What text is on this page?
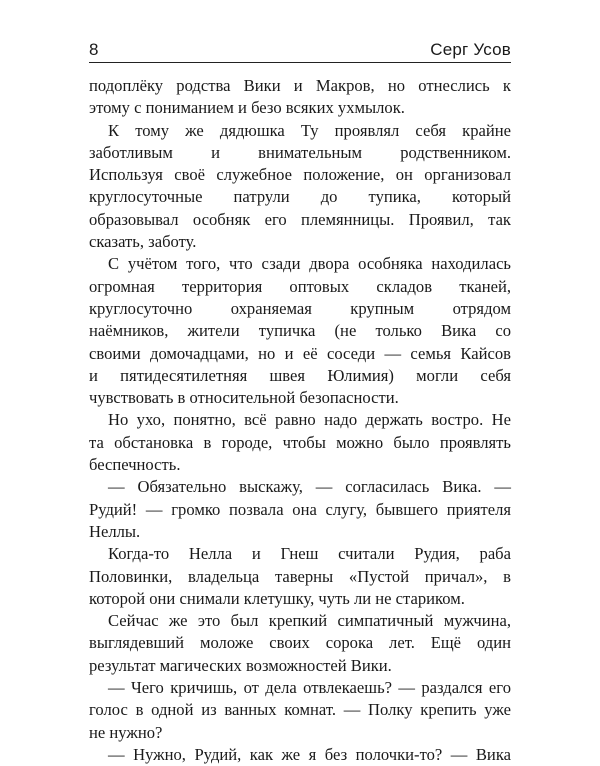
8	Серг Усов
подоплёку родства Вики и Макров, но отнеслись к
этому с пониманием и безо всяких ухмылок.
К тому же дядюшка Ту проявлял себя крайне
заботливым и внимательным родственником.
Используя своё служебное положение, он организовал
круглосуточные патрули до тупика, который
образовывал особняк его племянницы. Проявил, так
сказать, заботу.
С учётом того, что сзади двора особняка находилась
огромная территория оптовых складов тканей,
круглосуточно охраняемая крупным отрядом
наёмников, жители тупичка (не только Вика со
своими домочадцами, но и её соседи — семья Кайсов
и пятидесятилетняя швея Юлимия) могли себя
чувствовать в относительной безопасности.
Но ухо, понятно, всё равно надо держать востро. Не
та обстановка в городе, чтобы можно было проявлять
беспечность.
— Обязательно выскажу, — согласилась Вика. —
Рудий! — громко позвала она слугу, бывшего приятеля
Неллы.
Когда-то Нелла и Гнеш считали Рудия, раба
Половинки, владельца таверны «Пустой причал», в
которой они снимали клетушку, чуть ли не стариком.
Сейчас же это был крепкий симпатичный мужчина,
выглядевший моложе своих сорока лет. Ещё один
результат магических возможностей Вики.
— Чего кричишь, от дела отвлекаешь? — раздался его
голос в одной из ванных комнат. — Полку крепить уже
не нужно?
— Нужно, Рудий, как же я без полочки-то? — Вика
